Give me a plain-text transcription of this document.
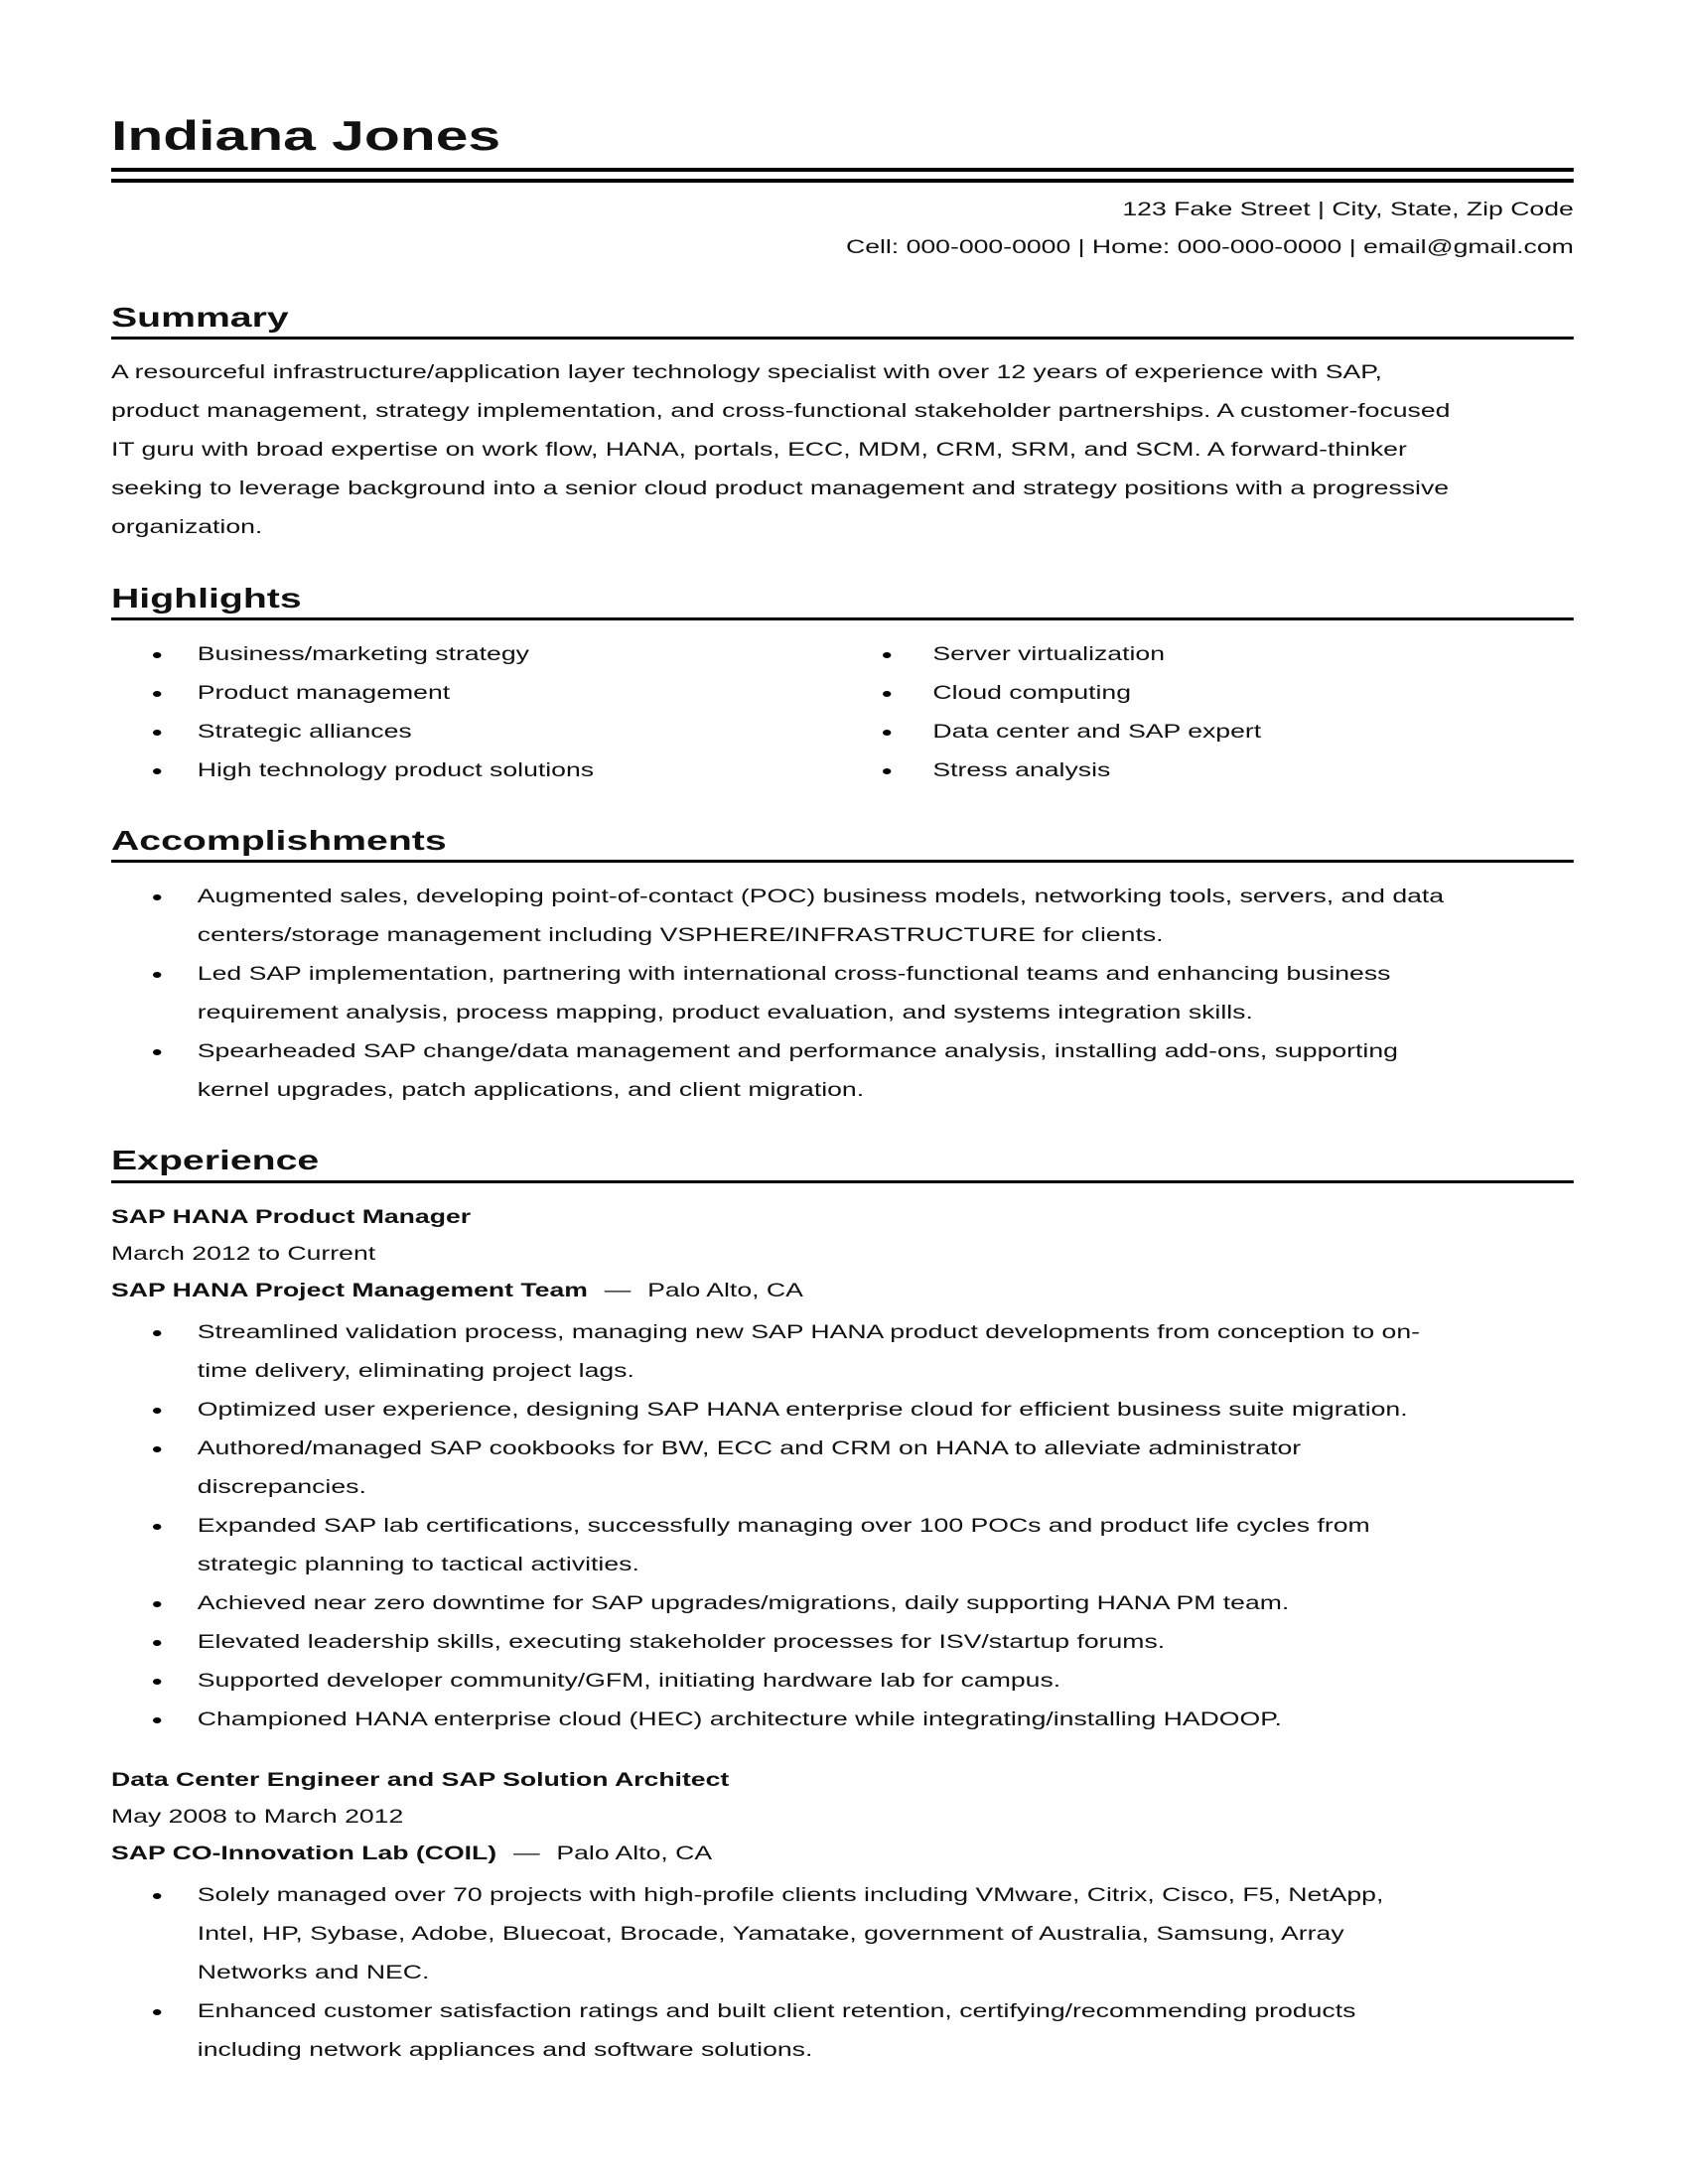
Indiana Jones
123 Fake Street | City, State, Zip Code
Cell: 000-000-0000 | Home: 000-000-0000 | email@gmail.com
Summary
A resourceful infrastructure/application layer technology specialist with over 12 years of experience with SAP,
product management, strategy implementation, and cross-functional stakeholder partnerships. A customer-focused
IT guru with broad expertise on work flow, HANA, portals, ECC, MDM, CRM, SRM, and SCM. A forward-thinker
seeking to leverage background into a senior cloud product management and strategy positions with a progressive
organization.
Highlights
Business/marketing strategy
Product management
Strategic alliances
High technology product solutions
Server virtualization
Cloud computing
Data center and SAP expert
Stress analysis
Accomplishments
Augmented sales, developing point-of-contact (POC) business models, networking tools, servers, and data
centers/storage management including VSPHERE/INFRASTRUCTURE for clients.
Led SAP implementation, partnering with international cross-functional teams and enhancing business
requirement analysis, process mapping, product evaluation, and systems integration skills.
Spearheaded SAP change/data management and performance analysis, installing add-ons, supporting
kernel upgrades, patch applications, and client migration.
Experience
SAP HANA Product Manager
March 2012 to Current
SAP HANA Project Management Team — Palo Alto, CA
Streamlined validation process, managing new SAP HANA product developments from conception to on-
time delivery, eliminating project lags.
Optimized user experience, designing SAP HANA enterprise cloud for efficient business suite migration.
Authored/managed SAP cookbooks for BW, ECC and CRM on HANA to alleviate administrator
discrepancies.
Expanded SAP lab certifications, successfully managing over 100 POCs and product life cycles from
strategic planning to tactical activities.
Achieved near zero downtime for SAP upgrades/migrations, daily supporting HANA PM team.
Elevated leadership skills, executing stakeholder processes for ISV/startup forums.
Supported developer community/GFM, initiating hardware lab for campus.
Championed HANA enterprise cloud (HEC) architecture while integrating/installing HADOOP.
Data Center Engineer and SAP Solution Architect
May 2008 to March 2012
SAP CO-Innovation Lab (COIL) — Palo Alto, CA
Solely managed over 70 projects with high-profile clients including VMware, Citrix, Cisco, F5, NetApp,
Intel, HP, Sybase, Adobe, Bluecoat, Brocade, Yamatake, government of Australia, Samsung, Array
Networks and NEC.
Enhanced customer satisfaction ratings and built client retention, certifying/recommending products
including network appliances and software solutions.
